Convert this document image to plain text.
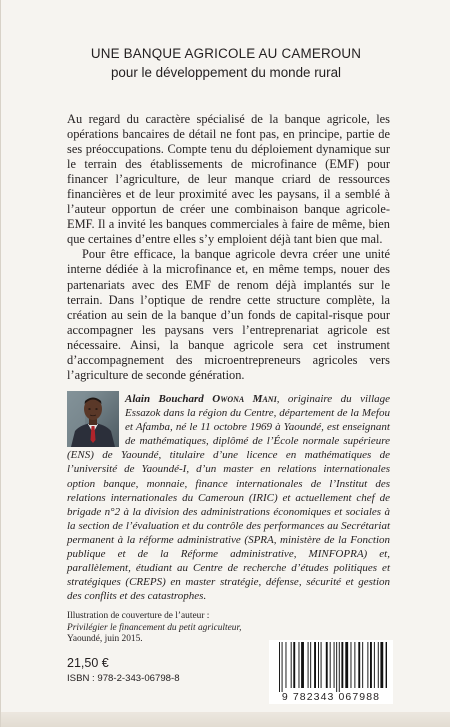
UNE BANQUE AGRICOLE AU CAMEROUN
pour le développement du monde rural

Au regard du caractère spécialisé de la banque agricole, les opérations bancaires de détail ne font pas, en principe, partie de ses préoccupations. Compte tenu du déploiement dynamique sur le terrain des établissements de microfinance (EMF) pour financer l’agriculture, de leur manque criard de ressources financières et de leur proximité avec les paysans, il a semblé à l’auteur opportun de créer une combinaison banque agricole-EMF. Il a invité les banques commerciales à faire de même, bien que certaines d’entre elles s’y emploient déjà tant bien que mal.

Pour être efficace, la banque agricole devra créer une unité interne dédiée à la microfinance et, en même temps, nouer des partenariats avec des EMF de renom déjà implantés sur le terrain. Dans l’optique de rendre cette structure complète, la création au sein de la banque d’un fonds de capital-risque pour accompagner les paysans vers l’entreprenariat agricole est nécessaire. Ainsi, la banque agricole sera cet instrument d’accompagnement des microentrepreneurs agricoles vers l’agriculture de seconde génération.

Alain Bouchard Owona Mani, originaire du village Essazok dans la région du Centre, département de la Mefou et Afamba, né le 11 octobre 1969 à Yaoundé, est enseignant de mathématiques, diplômé de l’École normale supérieure (ENS) de Yaoundé, titulaire d’une licence en mathématiques de l’université de Yaoundé-I, d’un master en relations internationales option banque, monnaie, finance internationales de l’Institut des relations internationales du Cameroun (IRIC) et actuellement chef de brigade n°2 à la division des administrations économiques et sociales à la section de l’évaluation et du contrôle des performances au Secrétariat permanent à la réforme administrative (SPRA, ministère de la Fonction publique et de la Réforme administrative, MINFOPRA) et, parallèlement, étudiant au Centre de recherche d’études politiques et stratégiques (CREPS) en master stratégie, défense, sécurité et gestion des conflits et des catastrophes.
Illustration de couverture de l’auteur :
Privilégier le financement du petit agriculteur,
Yaoundé, juin 2015.
21,50 €
ISBN : 978-2-343-06798-8
9 782343 067988
